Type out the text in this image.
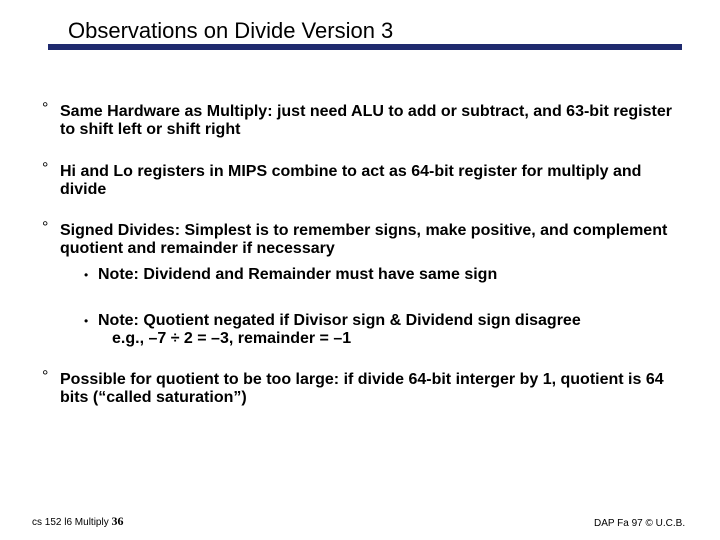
Observations on Divide Version 3
° Same Hardware as Multiply: just need ALU to add or subtract, and 63-bit register to shift left or shift right
° Hi and Lo registers in MIPS combine to act as 64-bit register for multiply and divide
° Signed Divides: Simplest is to remember signs, make positive, and complement quotient and remainder if necessary
• Note: Dividend and Remainder must have same sign
• Note: Quotient negated if Divisor sign & Dividend sign disagree
e.g., –7 ÷ 2 = –3, remainder = –1
° Possible for quotient to be too large: if divide 64-bit interger by 1, quotient is 64 bits (“called saturation”)
cs 152 l6 Multiply 36	DAP Fa 97 © U.C.B.
